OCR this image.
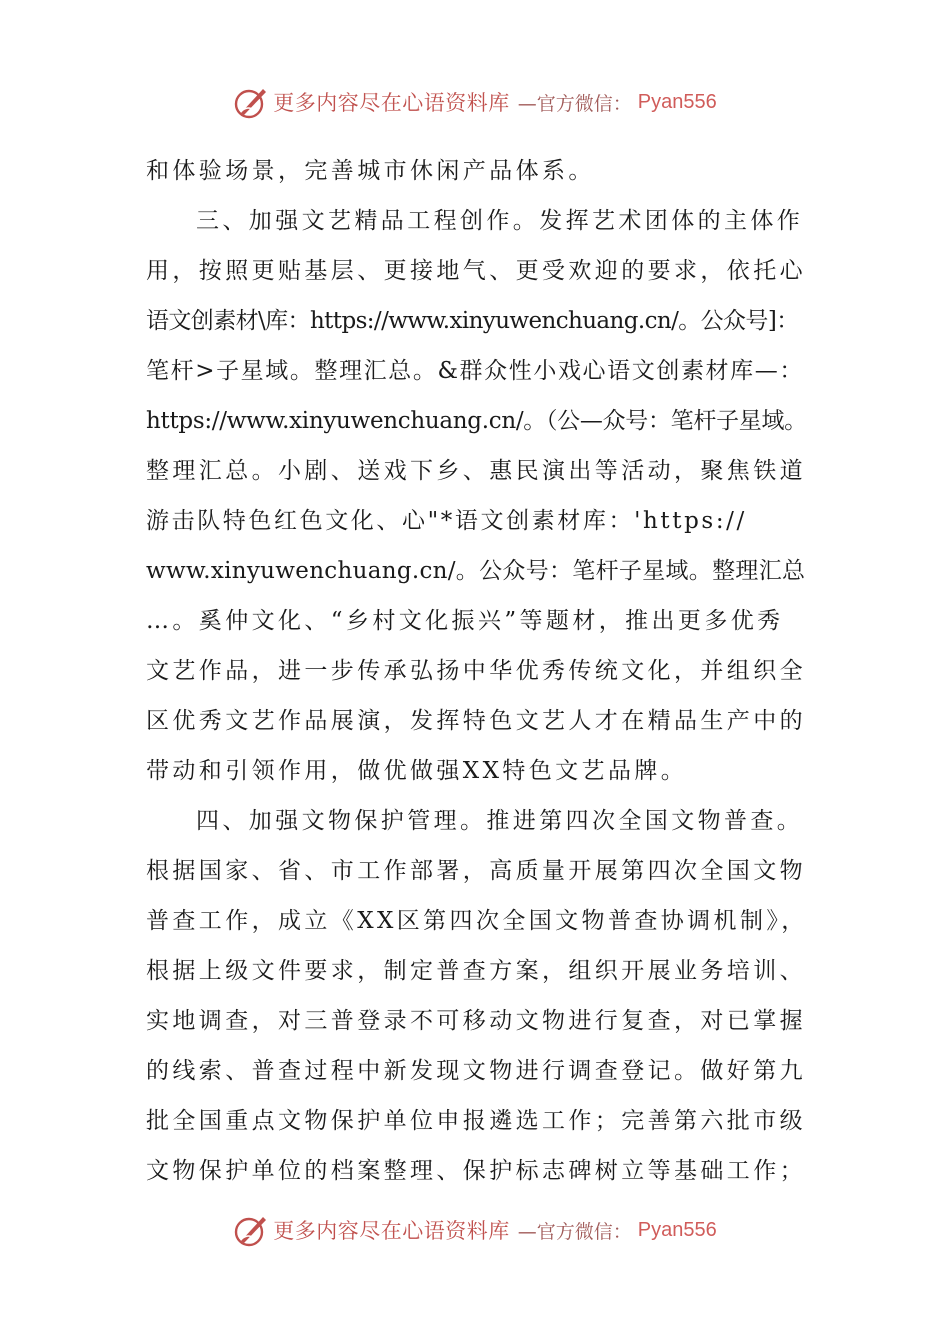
更多内容尽在心语资料库 —官方微信： Pyan556
和体验场景，完善城市休闲产品体系。
三、加强文艺精品工程创作。发挥艺术团体的主体作
用，按照更贴基层、更接地气、更受欢迎的要求，依托心
语文创素材\库：https://www.xinyuwenchuang.cn/。公众号]：
笔杆>子星域。整理汇总。&群众性小戏心语文创素材库—：
https://www.xinyuwenchuang.cn/。（公—众号：笔杆子星域。
整理汇总。小剧、送戏下乡、惠民演出等活动，聚焦铁道
游击队特色红色文化、心"*语文创素材库：'https://
www.xinyuwenchuang.cn/。公众号：笔杆子星域。整理汇总
…。奚仲文化、“乡村文化振兴”等题材，推出更多优秀
文艺作品，进一步传承弘扬中华优秀传统文化，并组织全
区优秀文艺作品展演，发挥特色文艺人才在精品生产中的
带动和引领作用，做优做强XX特色文艺品牌。
四、加强文物保护管理。推进第四次全国文物普查。
根据国家、省、市工作部署，高质量开展第四次全国文物
普查工作，成立《XX区第四次全国文物普查协调机制》，
根据上级文件要求，制定普查方案，组织开展业务培训、
实地调查，对三普登录不可移动文物进行复查，对已掌握
的线索、普查过程中新发现文物进行调查登记。做好第九
批全国重点文物保护单位申报遴选工作；完善第六批市级
文物保护单位的档案整理、保护标志碑树立等基础工作；
更多内容尽在心语资料库 —官方微信： Pyan556
